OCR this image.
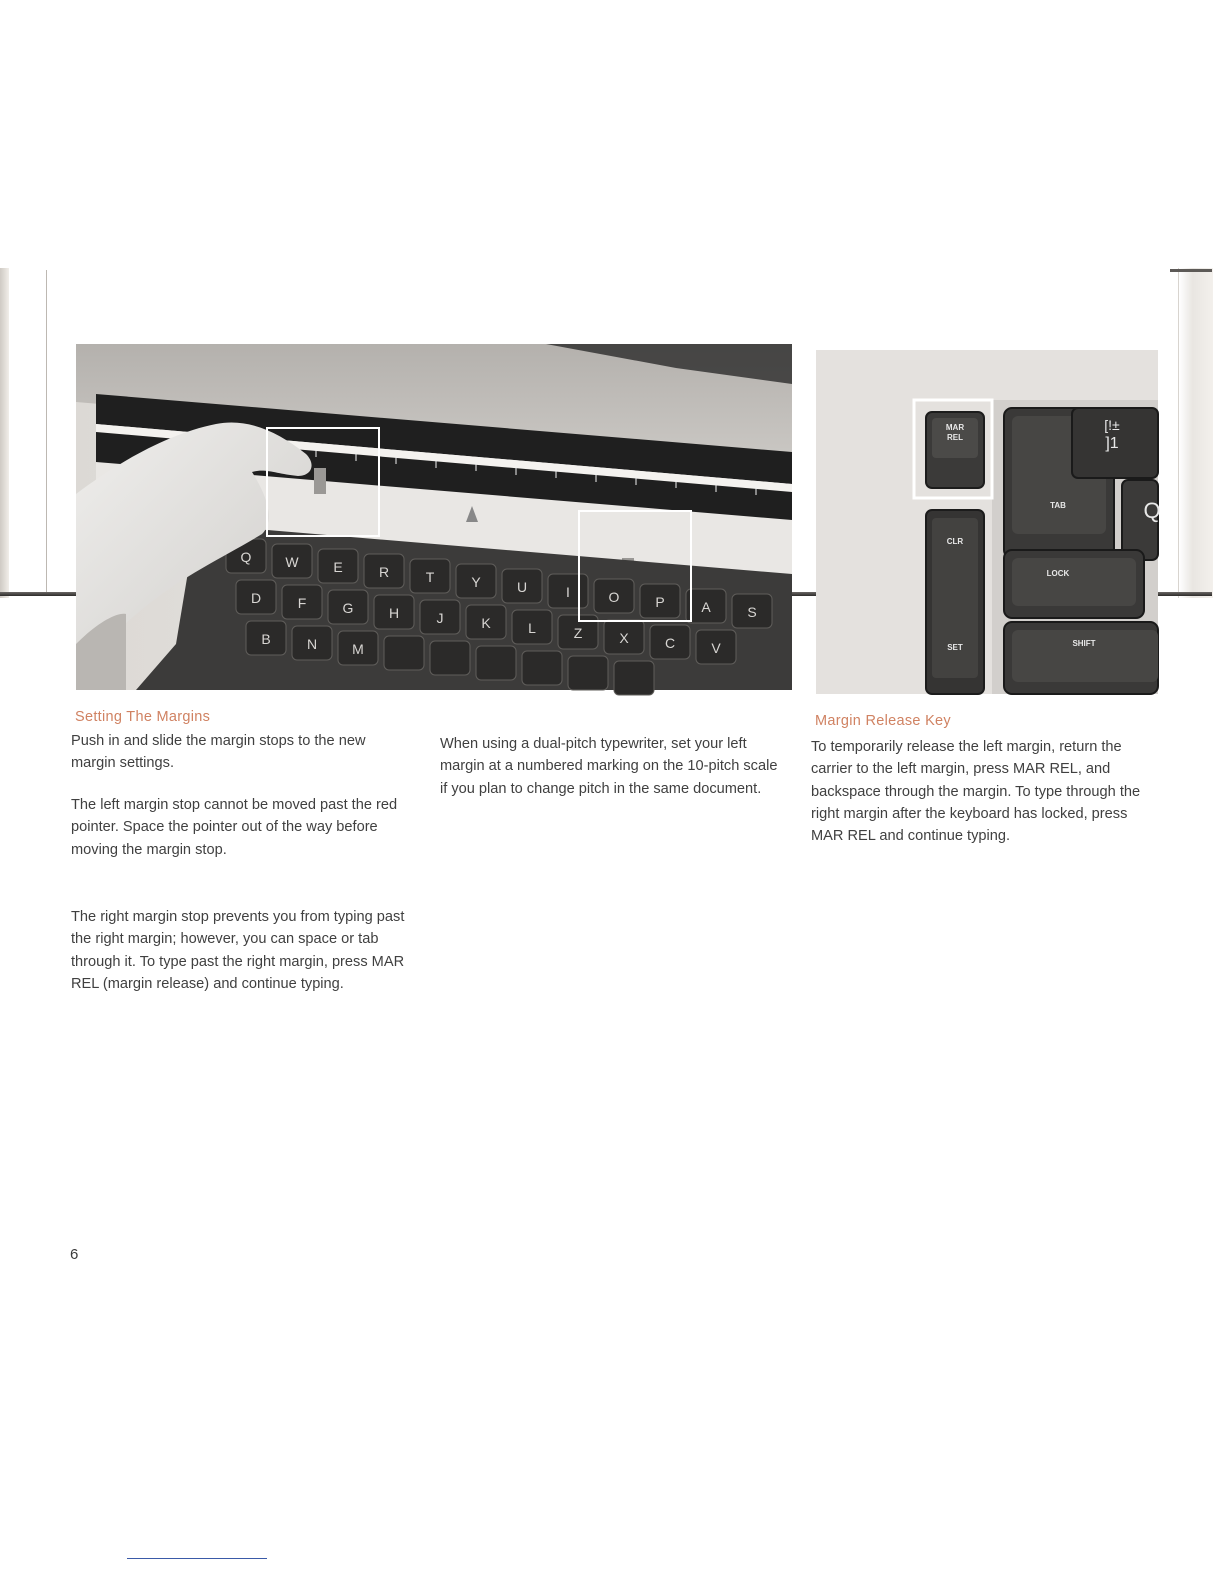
Q W E	R	T	Y	U	I	O	P	A	S
D	F	G	H	J	K	L	Z	X	C	V
B	N	M
MAR
REL
CLR
SET
TAB
LOCK
SHIFT
Q
[!±
]1
Setting The Margins

Push in and slide the margin stops to the new margin settings.

The left margin stop cannot be moved past the red pointer. Space the pointer out of the way before moving the margin stop.

The right margin stop prevents you from typing past the right margin; however, you can space or tab through it. To type past the right margin, press MAR REL (margin release) and continue typing.

When using a dual-pitch typewriter, set your left margin at a numbered marking on the 10-pitch scale if you plan to change pitch in the same document.

Margin Release Key

To temporarily release the left margin, return the carrier to the left margin, press MAR REL, and backspace through the margin. To type through the right margin after the keyboard has locked, press MAR REL and continue typing.

6
